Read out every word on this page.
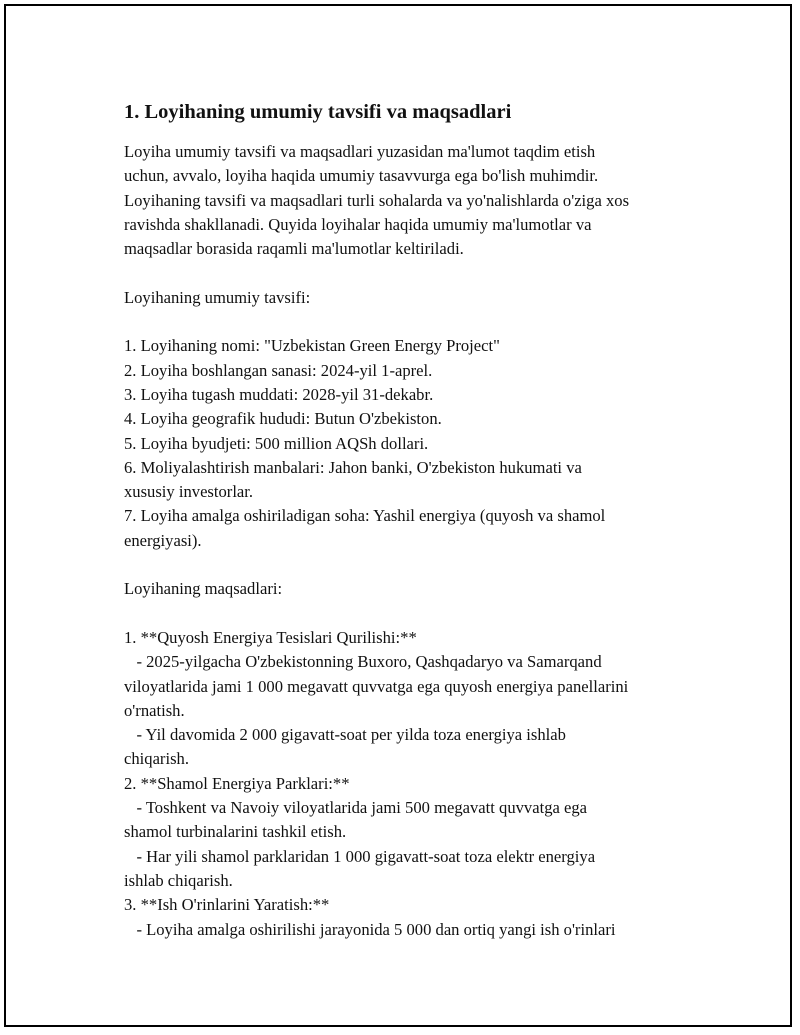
1. Loyihaning umumiy tavsifi va maqsadlari
Loyiha umumiy tavsifi va maqsadlari yuzasidan ma'lumot taqdim etish
uchun, avvalo, loyiha haqida umumiy tasavvurga ega bo'lish muhimdir.
Loyihaning tavsifi va maqsadlari turli sohalarda va yo'nalishlarda o'ziga xos
ravishda shakllanadi. Quyida loyihalar haqida umumiy ma'lumotlar va
maqsadlar borasida raqamli ma'lumotlar keltiriladi.
Loyihaning umumiy tavsifi:
1. Loyihaning nomi: "Uzbekistan Green Energy Project"
2. Loyiha boshlangan sanasi: 2024-yil 1-aprel.
3. Loyiha tugash muddati: 2028-yil 31-dekabr.
4. Loyiha geografik hududi: Butun O'zbekiston.
5. Loyiha byudjeti: 500 million AQSh dollari.
6. Moliyalashtirish manbalari: Jahon banki, O'zbekiston hukumati va
xususiy investorlar.
7. Loyiha amalga oshiriladigan soha: Yashil energiya (quyosh va shamol
energiyasi).
Loyihaning maqsadlari:
1. **Quyosh Energiya Tesislari Qurilishi:**
- 2025-yilgacha O'zbekistonning Buxoro, Qashqadaryo va Samarqand
viloyatlarida jami 1 000 megavatt quvvatga ega quyosh energiya panellarini
o'rnatish.
- Yil davomida 2 000 gigavatt-soat per yilda toza energiya ishlab
chiqarish.
2. **Shamol Energiya Parklari:**
- Toshkent va Navoiy viloyatlarida jami 500 megavatt quvvatga ega
shamol turbinalarini tashkil etish.
- Har yili shamol parklaridan 1 000 gigavatt-soat toza elektr energiya
ishlab chiqarish.
3. **Ish O'rinlarini Yaratish:**
- Loyiha amalga oshirilishi jarayonida 5 000 dan ortiq yangi ish o'rinlari
